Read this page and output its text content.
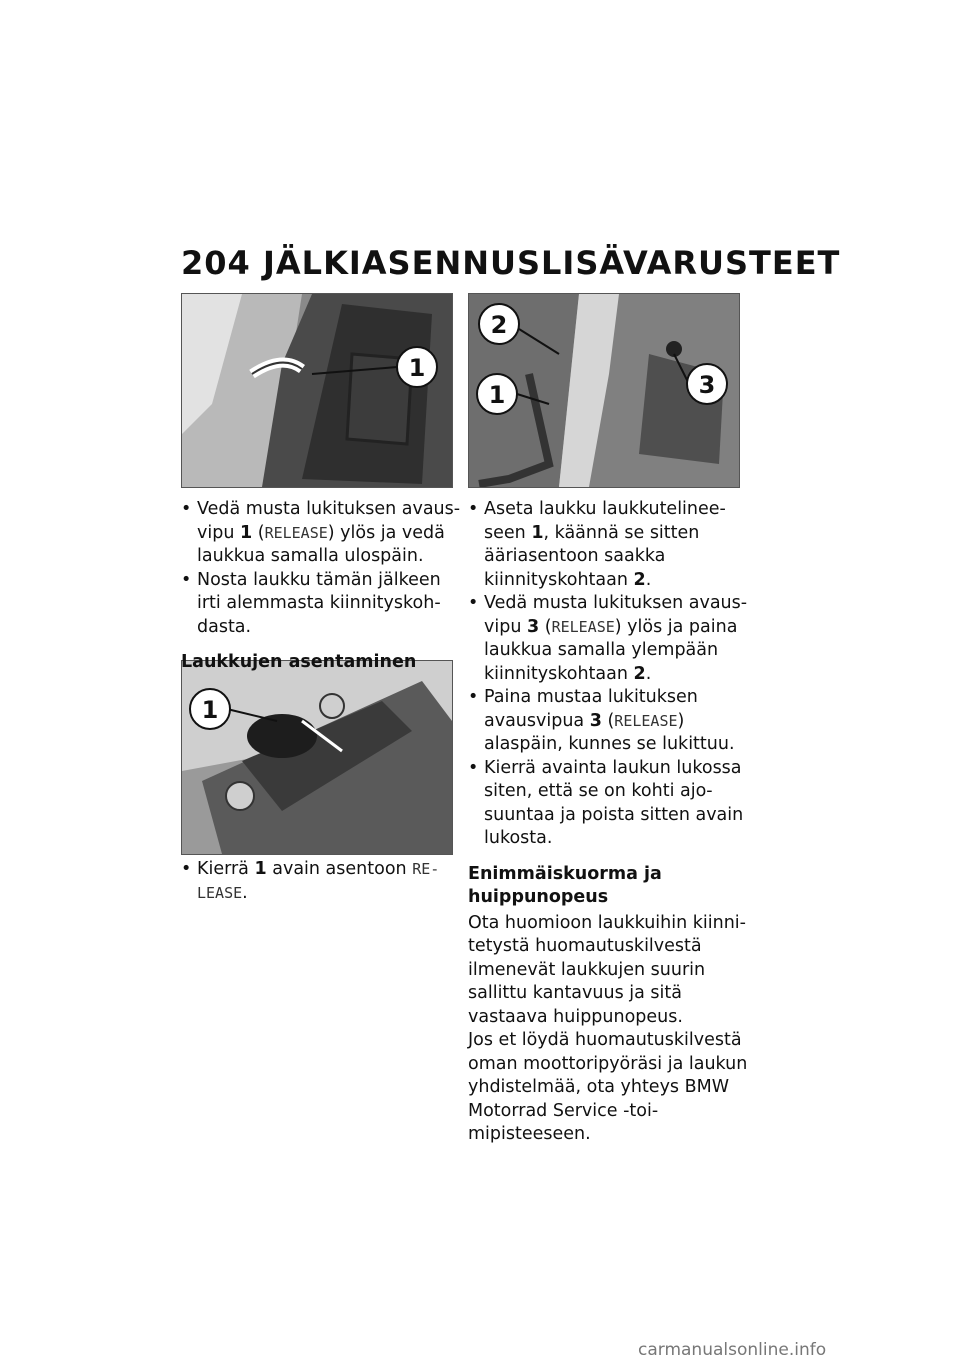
204 JÄLKIASENNUSLISÄVARUSTEET
1
1
2
1	3

• Vedä musta lukituksen avausvipu 1 (RELEASE) ylös ja vedä laukkua samalla ulospäin.

• Nosta laukku tämän jälkeen irti alemmasta kiinnityskohdasta.

Laukkujen asentaminen

• Kierrä 1 avain asentoon RELEASE.

• Aseta laukku laukkutelineeseen 1, käännä se sitten ääriasentoon saakka kiinnityskohtaan 2.

• Vedä musta lukituksen avausvipu 3 (RELEASE) ylös ja paina laukkua samalla ylempään kiinnityskohtaan 2.

• Paina mustaa lukituksen avausvipua 3 (RELEASE) alaspäin, kunnes se lukittuu.

• Kierrä avainta laukun lukossa siten, että se on kohti ajosuuntaa ja poista sitten avain lukosta.

Enimmäiskuorma ja huippunopeus

Ota huomioon laukkuihin kiinnitetystä huomautuskilvestä ilmenevät laukkujen suurin sallittu kantavuus ja sitä vastaava huippunopeus.

Jos et löydä huomautuskilvestä oman moottoripyöräsi ja laukun yhdistelmää, ota yhteys BMW Motorrad Service -toimipisteeseen.

carmanualsonline.info
